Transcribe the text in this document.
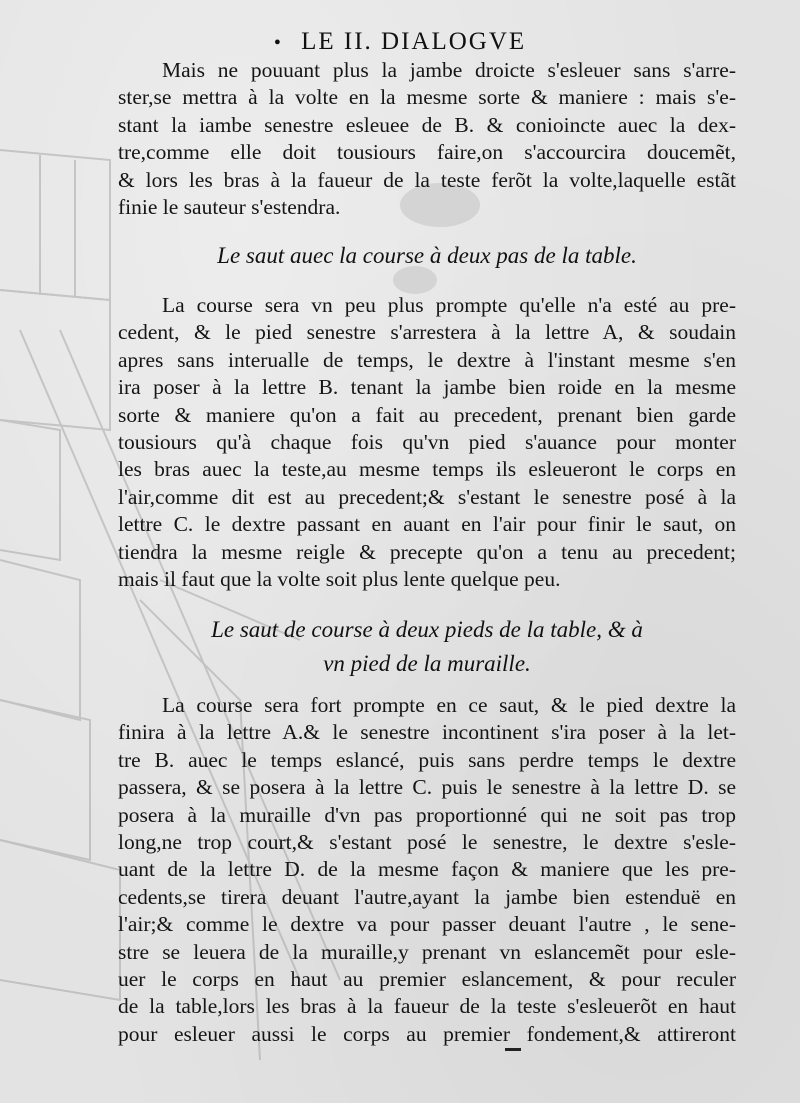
• LE II. DIALOGVE

Mais ne pouuant plus la jambe droicte s'esleuer sans s'arre-

ster,se mettra à la volte en la mesme sorte & maniere : mais s'e-

stant la iambe senestre esleuee de B. & conioincte auec la dex-

tre,comme elle doit tousiours faire,on s'accourcira doucemẽt,

& lors les bras à la faueur de la teste ferõt la volte,laquelle estãt

finie le sauteur s'estendra.

Le saut auec la course à deux pas de la table.

La course sera vn peu plus prompte qu'elle n'a esté au pre-

cedent, & le pied senestre s'arrestera à la lettre A, & soudain

apres sans interualle de temps, le dextre à l'instant mesme s'en

ira poser à la lettre B. tenant la jambe bien roide en la mesme

sorte & maniere qu'on a fait au precedent, prenant bien garde

tousiours qu'à chaque fois qu'vn pied s'auance pour monter

les bras auec la teste,au mesme temps ils esleueront le corps en

l'air,comme dit est au precedent;& s'estant le senestre posé à la

lettre C. le dextre passant en auant en l'air pour finir le saut, on

tiendra la mesme reigle & precepte qu'on a tenu au precedent;

mais il faut que la volte soit plus lente quelque peu.

Le saut de course à deux pieds de la table, & à
vn pied de la muraille.

La course sera fort prompte en ce saut, & le pied dextre la

finira à la lettre A.& le senestre incontinent s'ira poser à la let-

tre B. auec le temps eslancé, puis sans perdre temps le dextre

passera, & se posera à la lettre C. puis le senestre à la lettre D. se

posera à la muraille d'vn pas proportionné qui ne soit pas trop

long,ne trop court,& s'estant posé le senestre, le dextre s'esle-

uant de la lettre D. de la mesme façon & maniere que les pre-

cedents,se tirera deuant l'autre,ayant la jambe bien estenduë en

l'air;& comme le dextre va pour passer deuant l'autre , le sene-

stre se leuera de la muraille,y prenant vn eslancemẽt pour esle-

uer le corps en haut au premier eslancement, & pour reculer

de la table,lors les bras à la faueur de la teste s'esleuerõt en haut

pour esleuer aussi le corps au premier fondement,& attireront
